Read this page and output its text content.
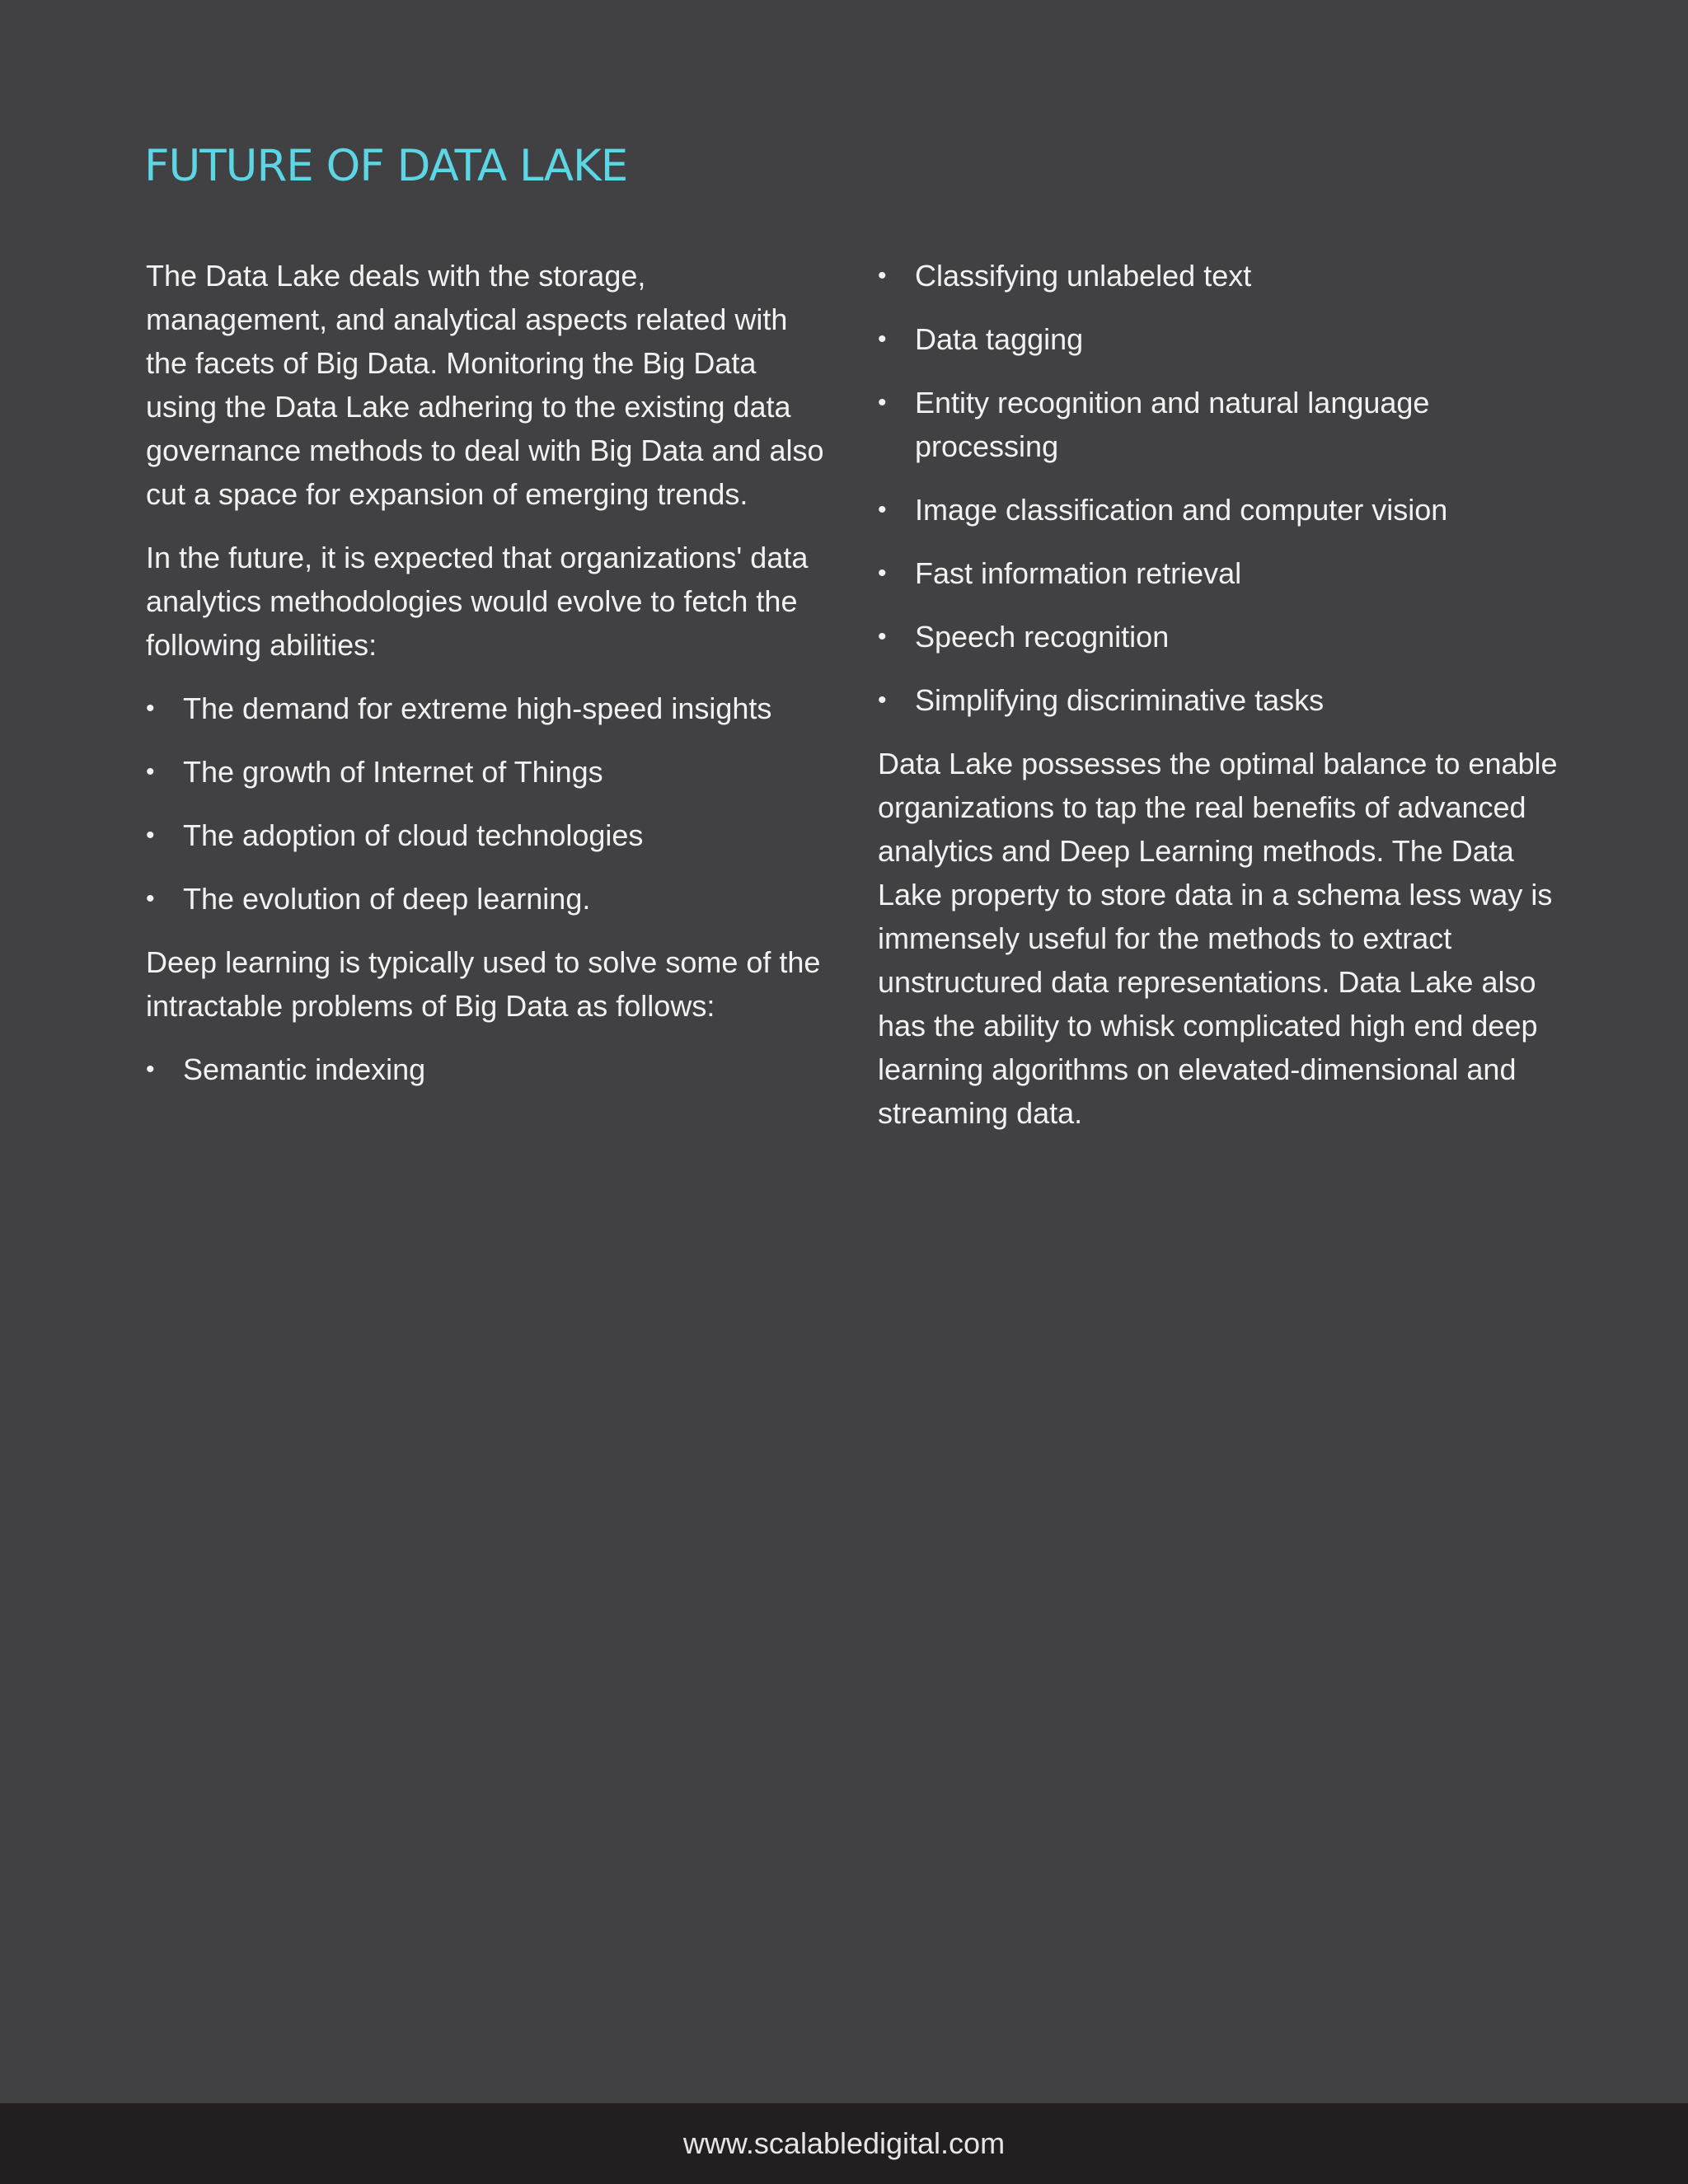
FUTURE OF DATA LAKE

The Data Lake deals with the storage, management, and analytical aspects related with the facets of Big Data. Monitoring the Big Data using the Data Lake adhering to the existing data governance methods to deal with Big Data and also cut a space for expansion of emerging trends.

In the future, it is expected that organizations' data analytics methodologies would evolve to fetch the following abilities:

• The demand for extreme high-speed insights
• The growth of Internet of Things
• The adoption of cloud technologies
• The evolution of deep learning.

Deep learning is typically used to solve some of the intractable problems of Big Data as follows:

• Semantic indexing
• Classifying unlabeled text
• Data tagging
• Entity recognition and natural language processing
• Image classification and computer vision
• Fast information retrieval
• Speech recognition
• Simplifying discriminative tasks

Data Lake possesses the optimal balance to enable organizations to tap the real benefits of advanced analytics and Deep Learning methods. The Data Lake property to store data in a schema less way is immensely useful for the methods to extract unstructured data representations. Data Lake also has the ability to whisk complicated high end deep learning algorithms on elevated-dimensional and streaming data.

www.scalabledigital.com
